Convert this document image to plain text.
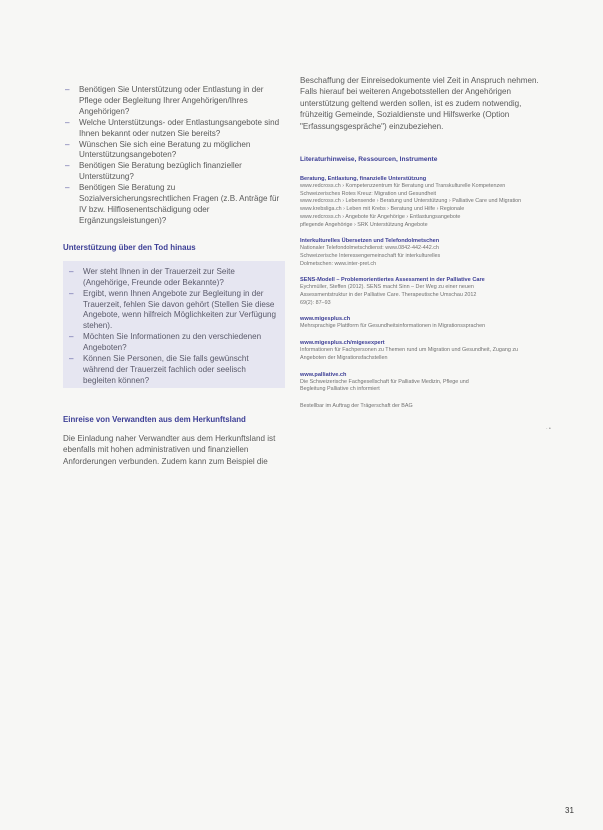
– Benötigen Sie Unterstützung oder Entlastung in der Pflege oder Begleitung Ihrer Angehörigen/Ihres Angehörigen?
– Welche Unterstützungs- oder Entlastungsangebote sind Ihnen bekannt oder nutzen Sie bereits?
– Wünschen Sie sich eine Beratung zu möglichen Unterstützungsangeboten?
– Benötigen Sie Beratung bezüglich finanzieller Unterstützung?
– Benötigen Sie Beratung zu Sozialversicherungsrechtlichen Fragen (z.B. Anträge für IV bzw. Hilflosenentschädigung oder Ergänzungsleistungen)?

Unterstützung über den Tod hinaus

– Wer steht Ihnen in der Trauerzeit zur Seite (Angehörige, Freunde oder Bekannte)?
– Ergibt, wenn Ihnen Angebote zur Begleitung in der Trauerzeit, fehlen Sie davon gehört (Stellen Sie diese Angebote, wenn hilfreich Möglichkeiten zur Verfügung stehen).
– Möchten Sie Informationen zu den verschiedenen Angeboten?
– Können Sie Personen, die Sie falls gewünscht während der Trauerzeit fachlich oder seelisch begleiten können?

Einreise von Verwandten aus dem Herkunftsland

Die Einladung naher Verwandter aus dem Herkunftsland ist ebenfalls mit hohen administrativen und finanziellen Anforderungen verbunden. Zudem kann zum Beispiel die

Beschaffung der Einreisedokumente viel Zeit in Anspruch nehmen. Falls hierauf bei weiteren Angebotsstellen der Angehörigen unterstützung geltend werden sollen, ist es zudem notwendig, frühzeitig Gemeinde, Sozialdienste und Hilfswerke (Option "Erfassungsgespräche") einzubeziehen.

Literaturhinweise, Ressourcen, Instrumente

Beratung, Entlastung, finanzielle Unterstützung

www.redcross.ch › Kompetenzzentrum für Beratung und Transkulturelle Kompetenzen

Schweizerisches Rotes Kreuz: Migration und Gesundheit

www.redcross.ch › Lebensende › Beratung und Unterstützung › Palliative Care und Migration

www.krebsliga.ch › Leben mit Krebs › Beratung und Hilfe › Regionale

www.redcross.ch › Angebote für Angehörige › Entlastungsangebote

pflegende Angehörige › SRK Unterstützung Angebote

Interkulturelles Übersetzen und Telefondolmetschen

Nationaler Telefondolmetschdienst: www.0842-442-442.ch

Schweizerische Interessengemeinschaft für interkulturelles

Dolmetschen: www.inter-pret.ch

SENS-Modell – Problemorientiertes Assessment in der Palliative Care

Eychmüller, Steffen (2012). SENS macht Sinn – Der Weg zu einer neuen

Assessmentstruktur in der Palliative Care. Therapeutische Umschau 2012

69(2): 87–93

www.migesplus.ch

Mehrsprachige Plattform für Gesundheitsinformationen in Migrationssprachen

www.migesplus.ch/migesexpert

Informationen für Fachpersonen zu Themen rund um Migration und Gesundheit, Zugang zu Angeboten der Migrationsfachstellen

www.palliative.ch

Die Schweizerische Fachgesellschaft für Palliative Medizin, Pflege und

Begleitung Palliative ch informiert

Bestellbar im Auftrag der Trägerschaft der BAG

· •
31
